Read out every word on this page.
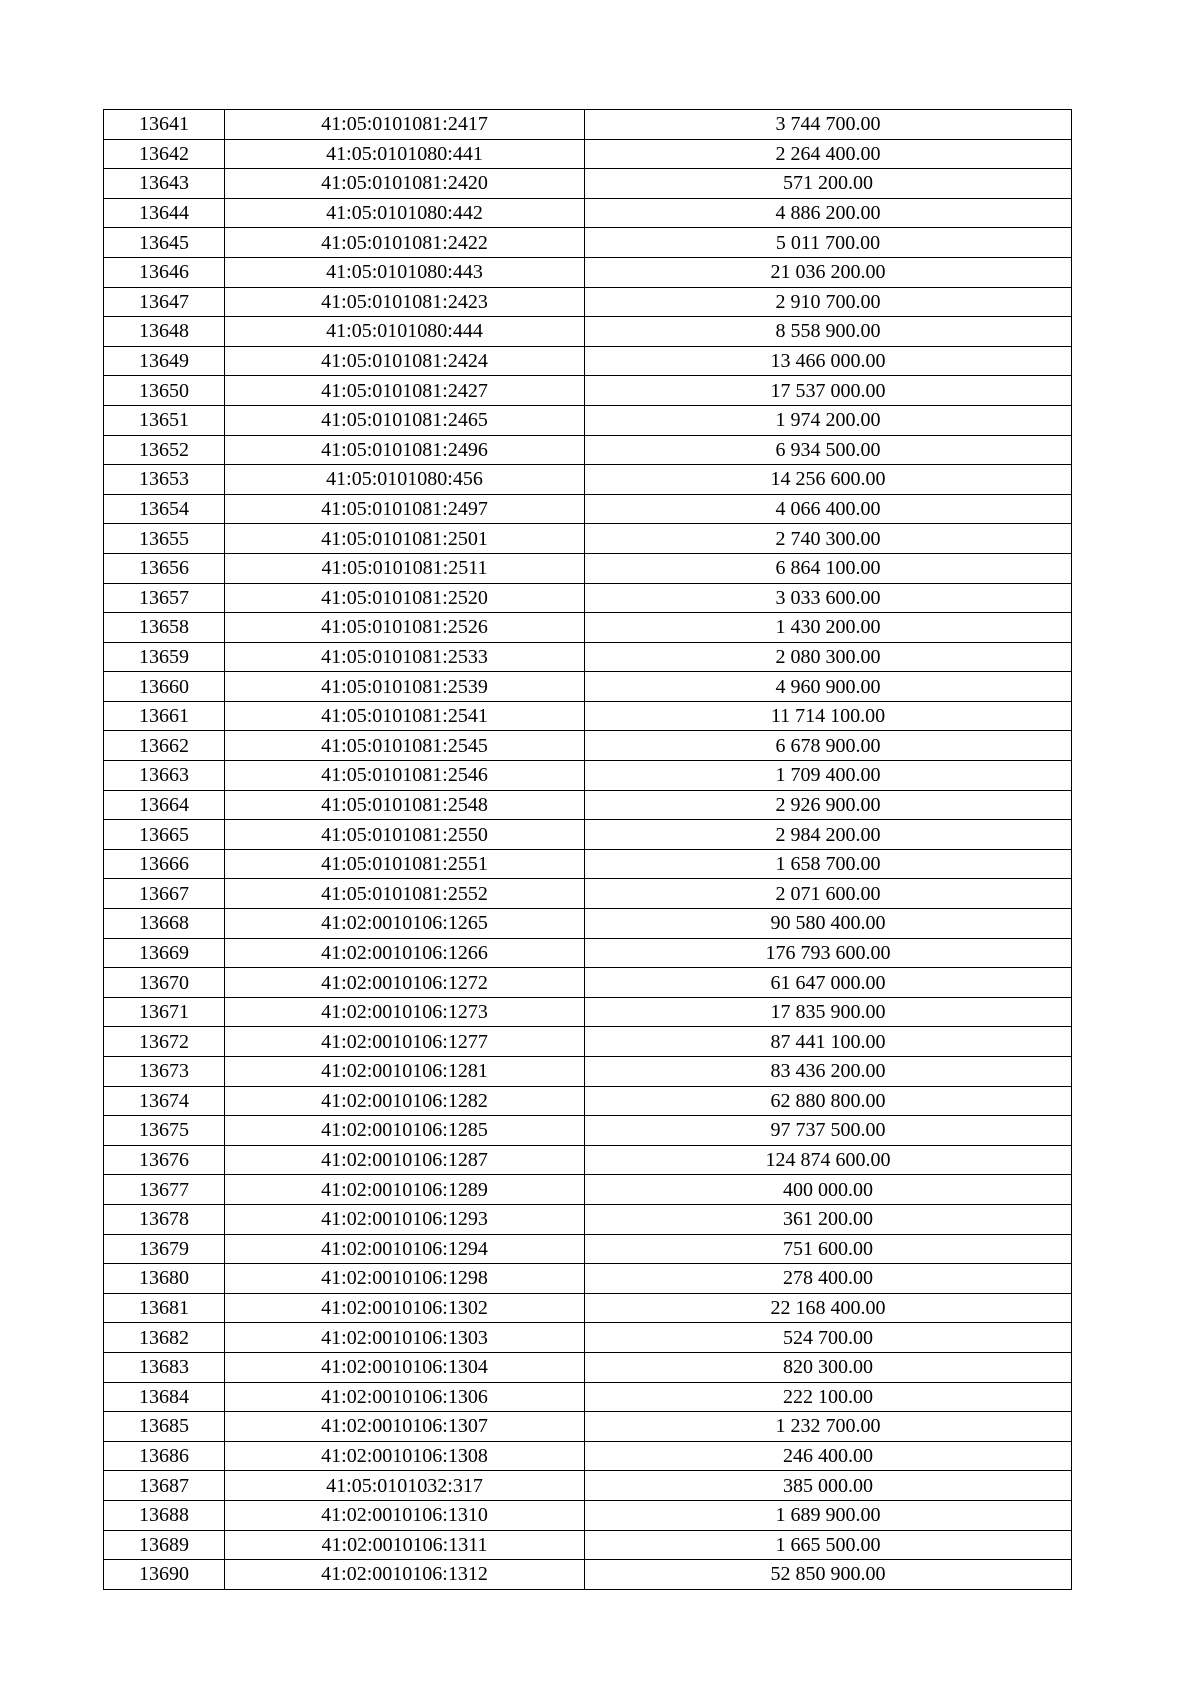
13641	41:05:0101081:2417	3 744 700.00
13642	41:05:0101080:441	2 264 400.00
13643	41:05:0101081:2420	571 200.00
13644	41:05:0101080:442	4 886 200.00
13645	41:05:0101081:2422	5 011 700.00
13646	41:05:0101080:443	21 036 200.00
13647	41:05:0101081:2423	2 910 700.00
13648	41:05:0101080:444	8 558 900.00
13649	41:05:0101081:2424	13 466 000.00
13650	41:05:0101081:2427	17 537 000.00
13651	41:05:0101081:2465	1 974 200.00
13652	41:05:0101081:2496	6 934 500.00
13653	41:05:0101080:456	14 256 600.00
13654	41:05:0101081:2497	4 066 400.00
13655	41:05:0101081:2501	2 740 300.00
13656	41:05:0101081:2511	6 864 100.00
13657	41:05:0101081:2520	3 033 600.00
13658	41:05:0101081:2526	1 430 200.00
13659	41:05:0101081:2533	2 080 300.00
13660	41:05:0101081:2539	4 960 900.00
13661	41:05:0101081:2541	11 714 100.00
13662	41:05:0101081:2545	6 678 900.00
13663	41:05:0101081:2546	1 709 400.00
13664	41:05:0101081:2548	2 926 900.00
13665	41:05:0101081:2550	2 984 200.00
13666	41:05:0101081:2551	1 658 700.00
13667	41:05:0101081:2552	2 071 600.00
13668	41:02:0010106:1265	90 580 400.00
13669	41:02:0010106:1266	176 793 600.00
13670	41:02:0010106:1272	61 647 000.00
13671	41:02:0010106:1273	17 835 900.00
13672	41:02:0010106:1277	87 441 100.00
13673	41:02:0010106:1281	83 436 200.00
13674	41:02:0010106:1282	62 880 800.00
13675	41:02:0010106:1285	97 737 500.00
13676	41:02:0010106:1287	124 874 600.00
13677	41:02:0010106:1289	400 000.00
13678	41:02:0010106:1293	361 200.00
13679	41:02:0010106:1294	751 600.00
13680	41:02:0010106:1298	278 400.00
13681	41:02:0010106:1302	22 168 400.00
13682	41:02:0010106:1303	524 700.00
13683	41:02:0010106:1304	820 300.00
13684	41:02:0010106:1306	222 100.00
13685	41:02:0010106:1307	1 232 700.00
13686	41:02:0010106:1308	246 400.00
13687	41:05:0101032:317	385 000.00
13688	41:02:0010106:1310	1 689 900.00
13689	41:02:0010106:1311	1 665 500.00
13690	41:02:0010106:1312	52 850 900.00
